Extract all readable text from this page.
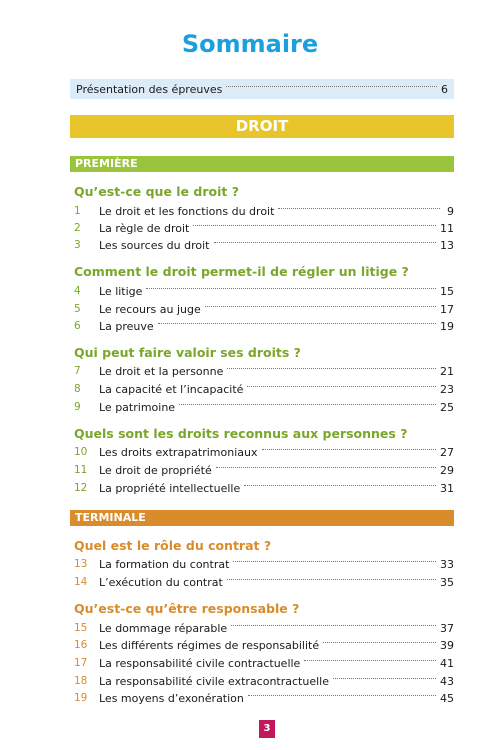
Sommaire
Présentation des épreuves	6
DROIT
PREMIÈRE
Qu’est-ce que le droit ?
1	Le droit et les fonctions du droit	9
2	La règle de droit	11
3	Les sources du droit	13
Comment le droit permet-il de régler un litige ?
4	Le litige	15
5	Le recours au juge	17
6	La preuve	19
Qui peut faire valoir ses droits ?
7	Le droit et la personne	21
8	La capacité et l’incapacité	23
9	Le patrimoine	25
Quels sont les droits reconnus aux personnes ?
10	Les droits extrapatrimoniaux	27
11	Le droit de propriété	29
12	La propriété intellectuelle	31
TERMINALE
Quel est le rôle du contrat ?
13	La formation du contrat	33
14	L’exécution du contrat	35
Qu’est-ce qu’être responsable ?
15	Le dommage réparable	37
16	Les différents régimes de responsabilité	39
17	La responsabilité civile contractuelle	41
18	La responsabilité civile extracontractuelle	43
19	Les moyens d’exonération	45
3
